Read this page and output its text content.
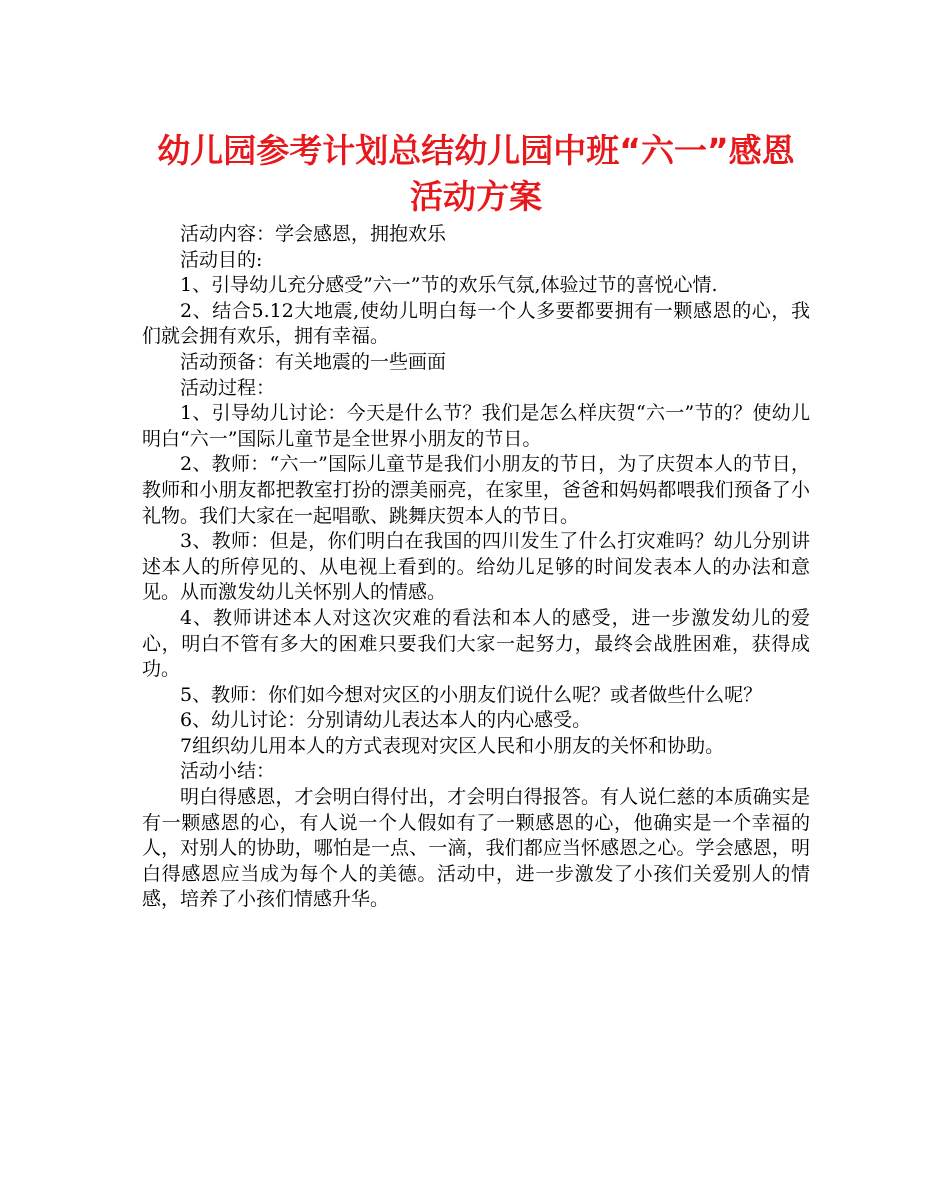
幼儿园参考计划总结幼儿园中班“六一”感恩活动方案

活动内容：学会感恩，拥抱欢乐

活动目的:

1、引导幼儿充分感受”六一”节的欢乐气氛,体验过节的喜悦心情.

2、结合5.12大地震,使幼儿明白每一个人多要都要拥有一颗感恩的心，我们就会拥有欢乐，拥有幸福。

活动预备：有关地震的一些画面

活动过程：

1、引导幼儿讨论：今天是什么节？我们是怎么样庆贺“六一”节的？使幼儿明白“六一”国际儿童节是全世界小朋友的节日。

2、教师：“六一”国际儿童节是我们小朋友的节日，为了庆贺本人的节日，教师和小朋友都把教室打扮的漂美丽亮，在家里，爸爸和妈妈都喂我们预备了小礼物。我们大家在一起唱歌、跳舞庆贺本人的节日。

3、教师：但是，你们明白在我国的四川发生了什么打灾难吗？幼儿分别讲述本人的所停见的、从电视上看到的。给幼儿足够的时间发表本人的办法和意见。从而激发幼儿关怀别人的情感。

4、教师讲述本人对这次灾难的看法和本人的感受，进一步激发幼儿的爱心，明白不管有多大的困难只要我们大家一起努力，最终会战胜困难，获得成功。

5、教师：你们如今想对灾区的小朋友们说什么呢？或者做些什么呢？

6、幼儿讨论：分别请幼儿表达本人的内心感受。

7组织幼儿用本人的方式表现对灾区人民和小朋友的关怀和协助。

活动小结：

明白得感恩，才会明白得付出，才会明白得报答。有人说仁慈的本质确实是有一颗感恩的心，有人说一个人假如有了一颗感恩的心，他确实是一个幸福的人，对别人的协助，哪怕是一点、一滴，我们都应当怀感恩之心。学会感恩，明白得感恩应当成为每个人的美德。活动中，进一步激发了小孩们关爱别人的情感，培养了小孩们情感升华。
